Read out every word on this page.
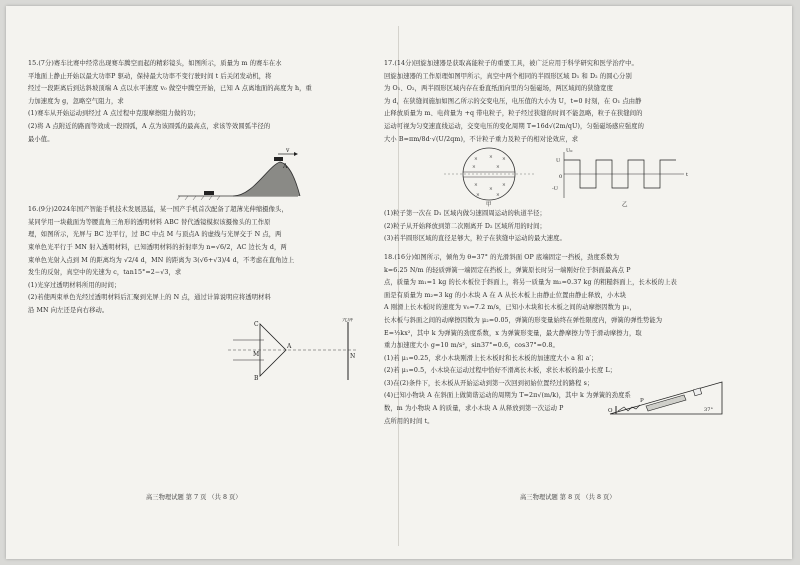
15.(7分)赛车比赛中经常出现赛车腾空而起的精彩镜头，如图所示，质量为 m 的赛车在水

平地面上静止开始以最大功率P 驱动，保持最大功率不变行驶时间 t 后关闭发动机，将

经过一段距离后到达斜坡顶端 A 点以水平速度 v₀ 做空中腾空开始，已知 A 点离地面的高度为 h，重

力加速度为 g，忽略空气阻力，求

(1)赛车从开始运动到经过 A 点过程中克服摩擦阻力做的功；

(2)将 A 点附近的路面等效成一段圆弧，A 点为该圆弧的最高点，求该等效圆弧半径的

最小值。

v
A

16.(9分)2024年国产智能手机技术发展迅猛，某一国产手机首次配备了超薄光伸缩摄像头，

某同学用一块截面为等腰直角三角形的透明材料 ABC 替代透镜模拟该摄像头的工作原

理，如图所示，光屏与 BC 边平行，过 BC 中点 M 与顶点A 的虚线与光屏交于 N 点，两

束单色光平行于 MN 射入透明材料，已知透明材料的折射率为 n=√6/2，AC 边长为 d，两

束单色光射入点到 M 的距离均为 √2/4 d，MN 的距离为 3(√6+√3)/4 d，不考虑在直角边上

发生的反射，真空中的光速为 c，tan15°=2−√3，求

(1)光穿过透明材料所用的时间；

(2)若使两束单色光经过透明材料后汇聚到光屏上的 N 点，通过计算说明应将透明材料

沿 MN 向左还是向右移动。

C
A
B
M	N
光屏
高三物理试题 第 7 页 （共 8 页）

17.(14分)回旋加速器是获取高能粒子的重要工具，被广泛应用于科学研究和医学治疗中。

回旋加速器的工作原理如图甲所示，真空中两个相同的半圆形区域 D₁ 和 D₂ 的圆心分别

为 O₁、O₂，两半圆形区域内存在垂直纸面向里的匀强磁场，两区域间的狭缝宽度

为 d，在狭缝间施加如图乙所示的交变电压，电压值的大小为 U，t=0 时刻，在 O₁ 点由静

止释放质量为 m、电荷量为 +q 带电粒子，粒子经过狭缝的时间不能忽略，粒子在狭缝间的

运动可视为匀变速直线运动，交变电压的变化周期 T=16d√(2m/qU)，匀强磁场感应强度的

大小 B=πm/8d·√(U/2qm)，不计粒子重力及粒子的相对论效应，求

× × ×
×	×
×
×
×
×	×
甲
U₀
U
-U
0	t
乙

(1)粒子第一次在 D₁ 区域内做匀速圆周运动的轨道半径；

(2)粒子从开始释放到第二次刚离开 D₂ 区域所用的时间；

(3)若半圆形区域的直径足够大，粒子在狭缝中运动的最大速度。

18.(16分)如图所示，倾角为 θ=37° 的光滑斜面 OP 底端固定一挡板，劲度系数为

k=6.25 N/m 的轻质弹簧一端固定在挡板上，弹簧原长时另一端刚好位于斜面最高点 P

点，质量为 m₁=1 kg 的长木板位于斜面上，将另一质量为 m₂=0.37 kg 的粗糙斜面上，长木板的上表

面是有质量为 m₂=3 kg 的小木块 A 在 A 从长木板上由静止位置由静止释放，小木块

A 刚滑上长木板时的速度为 v₀=7.2 m/s，已知小木块和长木板之间的动摩擦因数为 μ₁，

长木板与斜面之间的动摩擦因数为 μ₂=0.05，弹簧的形变量始终在弹性限度内，弹簧的弹性势能为

E=½kx²，其中 k 为弹簧的劲度系数，x 为弹簧形变量，最大静摩擦力等于滑动摩擦力，取

重力加速度大小 g=10 m/s²，sin37°=0.6，cos37°=0.8。

(1)若 μ₁=0.25，求小木块刚滑上长木板时和长木板的加速度大小 a 和 a′；

(2)若 μ₁=0.5，小木块在运动过程中恰好不滑离长木板，求长木板的最小长度 L；

(3)在(2)条件下，长木板从开始运动到第一次回到初始位置经过的路程 s；

(4)已知小物块 A 在斜面上做简谐运动的周期为 T=2π√(m/k)，其中 k 为弹簧的劲度系

数，m 为小物块 A 的质量，求小木块 A 从释放到第一次运动 P

点所用的时间 t。

P
O	37°
高三物理试题 第 8 页 （共 8 页）
